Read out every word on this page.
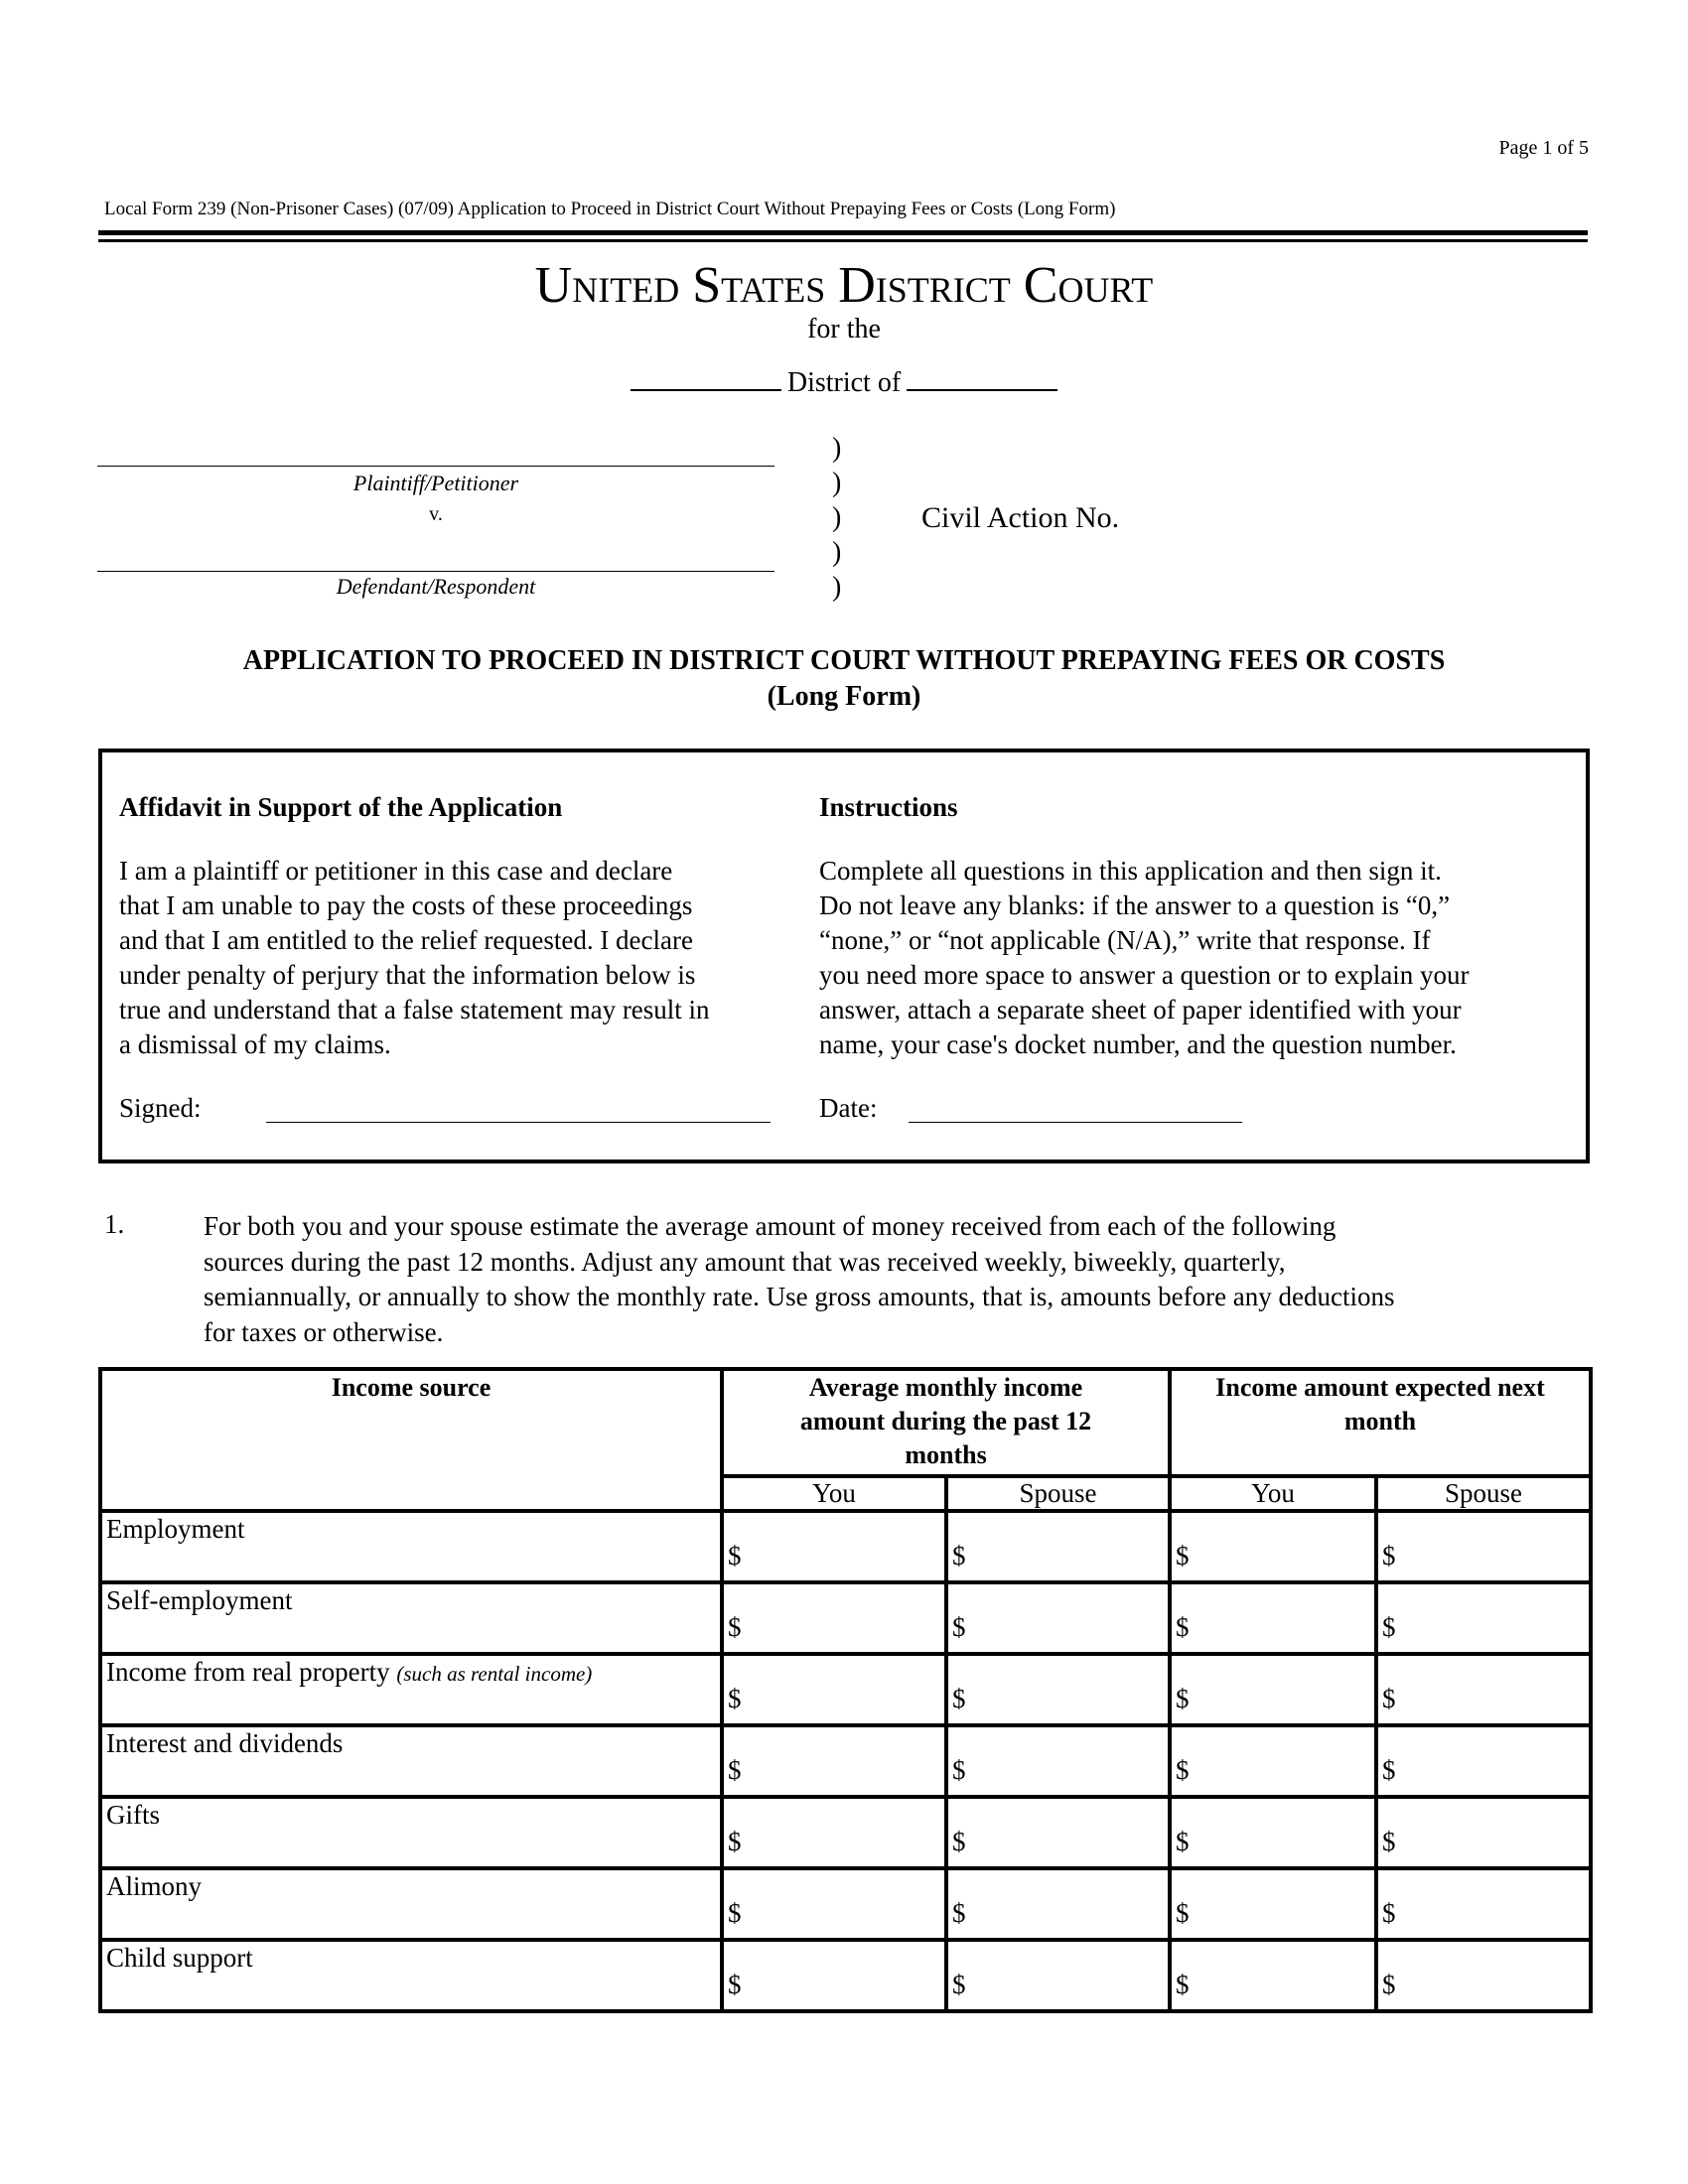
Page 1 of 5
Local Form 239 (Non-Prisoner Cases) (07/09) Application to Proceed in District Court Without Prepaying Fees or Costs (Long Form)
United States District Court
for the
District of
Plaintiff/Petitioner
v.
Defendant/Respondent
)
)
)
)
)
Civil Action No.
APPLICATION TO PROCEED IN DISTRICT COURT WITHOUT PREPAYING FEES OR COSTS
(Long Form)
Affidavit in Support of the Application
I am a plaintiff or petitioner in this case and declare
that I am unable to pay the costs of these proceedings
and that I am entitled to the relief requested. I declare
under penalty of perjury that the information below is
true and understand that a false statement may result in
a dismissal of my claims.
Signed:
Instructions
Complete all questions in this application and then sign it.
Do not leave any blanks: if the answer to a question is “0,”
“none,” or “not applicable (N/A),” write that response. If
you need more space to answer a question or to explain your
answer, attach a separate sheet of paper identified with your
name, your case's docket number, and the question number.
Date:
1.	For both you and your spouse estimate the average amount of money received from each of the following
sources during the past 12 months. Adjust any amount that was received weekly, biweekly, quarterly,
semiannually, or annually to show the monthly rate. Use gross amounts, that is, amounts before any deductions
for taxes or otherwise.
Income source	Average monthly income amount during the past 12 months		Income amount expected next month	
	You	Spouse	You	Spouse
Employment	$	$	$	$
Self-employment	$	$	$	$
Income from real property (such as rental income)	$	$	$	$
Interest and dividends	$	$	$	$
Gifts	$	$	$	$
Alimony	$	$	$	$
Child support	$	$	$	$
